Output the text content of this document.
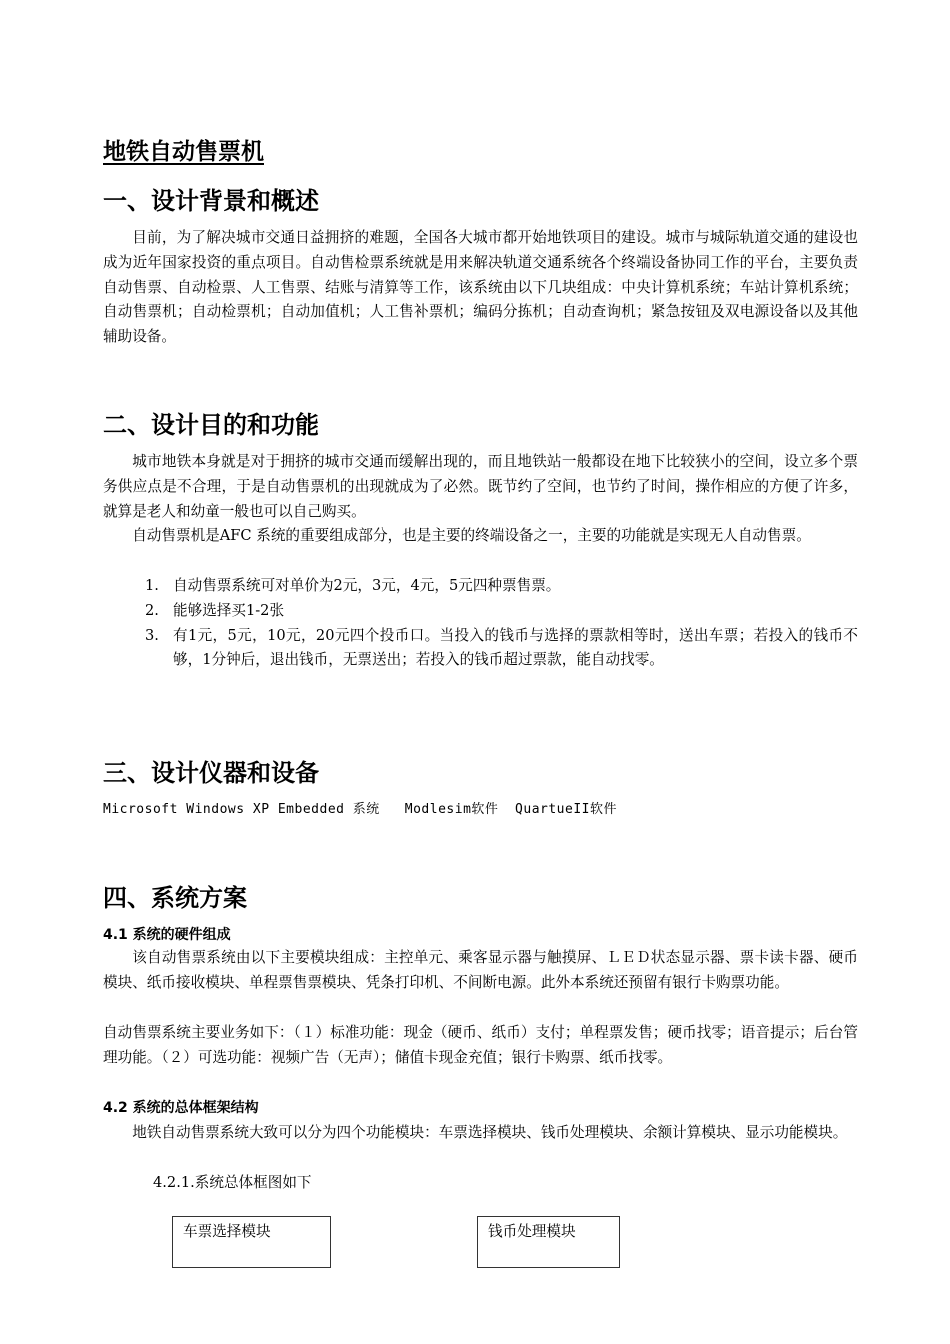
地铁自动售票机
一、设计背景和概述

目前，为了解决城市交通日益拥挤的难题，全国各大城市都开始地铁项目的建设。城市与城际轨道交通的建设也成为近年国家投资的重点项目。自动售检票系统就是用来解决轨道交通系统各个终端设备协同工作的平台，主要负责自动售票、自动检票、人工售票、结账与清算等工作，该系统由以下几块组成：中央计算机系统；车站计算机系统；自动售票机；自动检票机；自动加值机；人工售补票机；编码分拣机；自动查询机；紧急按钮及双电源设备以及其他辅助设备。

二、设计目的和功能

城市地铁本身就是对于拥挤的城市交通而缓解出现的，而且地铁站一般都设在地下比较狭小的空间，设立多个票务供应点是不合理，于是自动售票机的出现就成为了必然。既节约了空间，也节约了时间，操作相应的方便了许多，就算是老人和幼童一般也可以自己购买。

自动售票机是AFC 系统的重要组成部分，也是主要的终端设备之一，主要的功能就是实现无人自动售票。

1. 自动售票系统可对单价为2元，3元，4元，5元四种票售票。
2. 能够选择买1-2张
3. 有1元，5元，10元，20元四个投币口。当投入的钱币与选择的票款相等时，送出车票；若投入的钱币不够，1分钟后，退出钱币，无票送出；若投入的钱币超过票款，能自动找零。
三、设计仪器和设备

Microsoft Windows XP Embedded 系统   Modlesim软件  QuartueII软件

四、系统方案
4.1 系统的硬件组成

该自动售票系统由以下主要模块组成：主控单元、乘客显示器与触摸屏、ＬＥＤ状态显示器、票卡读卡器、硬币模块、纸币接收模块、单程票售票模块、凭条打印机、不间断电源。此外本系统还预留有银行卡购票功能。

自动售票系统主要业务如下：（１）标准功能：现金（硬币、纸币）支付；单程票发售；硬币找零；语音提示；后台管理功能。（２）可选功能：视频广告（无声）；储值卡现金充值；银行卡购票、纸币找零。

4.2 系统的总体框架结构

地铁自动售票系统大致可以分为四个功能模块：车票选择模块、钱币处理模块、余额计算模块、显示功能模块。

4.2.1.系统总体框图如下

车票选择模块	钱币处理模块
